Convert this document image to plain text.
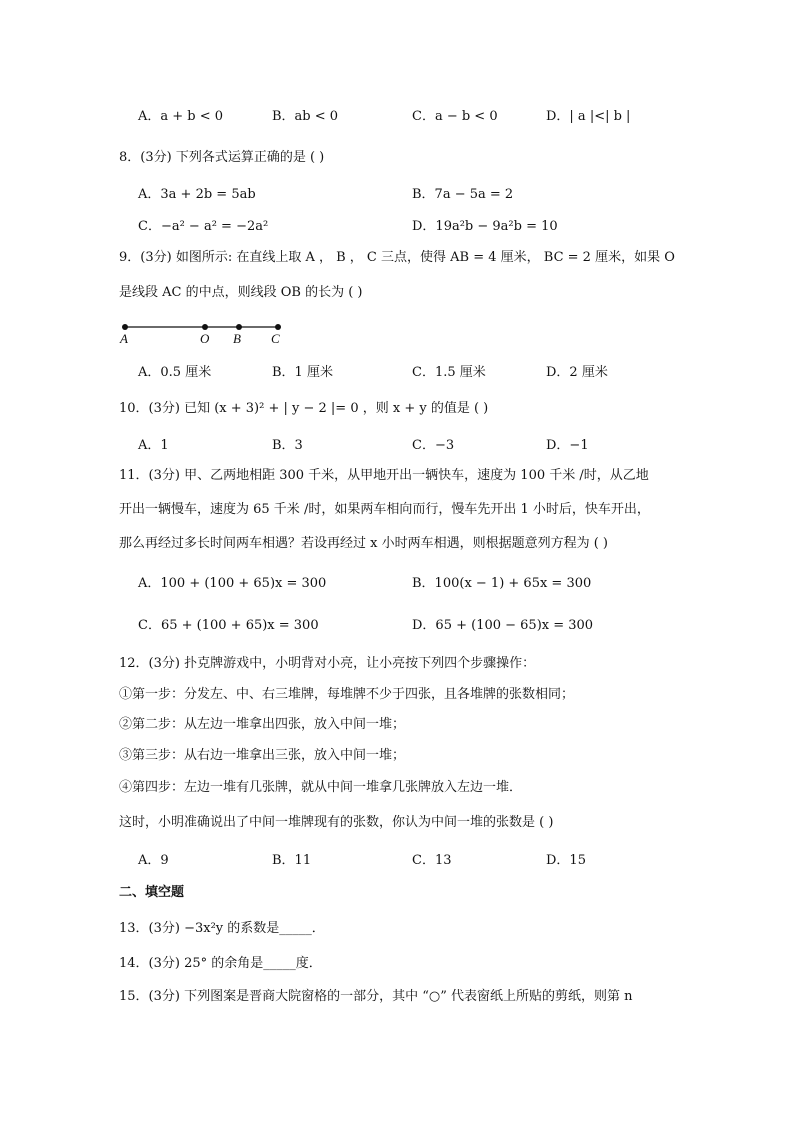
A．a + b < 0	B．ab < 0	C．a − b < 0	D．| a |<| b |
8．(3分) 下列各式运算正确的是 ( )
A．3a + 2b = 5ab	B．7a − 5a = 2
C．−a² − a² = −2a²	D．19a²b − 9a²b = 10
9．(3分) 如图所示: 在直线上取 A ， B ， C 三点，使得 AB = 4 厘米， BC = 2 厘米，如果 O
是线段 AC 的中点，则线段 OB 的长为 ( )
A	O B C
A．0.5 厘米	B．1 厘米	C．1.5 厘米	D．2 厘米
10．(3分) 已知 (x + 3)² + | y − 2 |= 0 ，则 x + y 的值是 ( )
A．1	B．3	C．−3	D．−1
11．(3分) 甲、乙两地相距 300 千米，从甲地开出一辆快车，速度为 100 千米 /时，从乙地
开出一辆慢车，速度为 65 千米 /时，如果两车相向而行，慢车先开出 1 小时后，快车开出，
那么再经过多长时间两车相遇？若设再经过 x 小时两车相遇，则根据题意列方程为 ( )
A．100 + (100 + 65)x = 300	B．100(x − 1) + 65x = 300
C．65 + (100 + 65)x = 300	D．65 + (100 − 65)x = 300
12．(3分) 扑克牌游戏中，小明背对小亮，让小亮按下列四个步骤操作：
①第一步：分发左、中、右三堆牌，每堆牌不少于四张，且各堆牌的张数相同；
②第二步：从左边一堆拿出四张，放入中间一堆；
③第三步：从右边一堆拿出三张，放入中间一堆；
④第四步：左边一堆有几张牌，就从中间一堆拿几张牌放入左边一堆．
这时，小明准确说出了中间一堆牌现有的张数，你认为中间一堆的张数是 ( )
A．9	B．11	C．13	D．15
二、填空题
13．(3分) −3x²y 的系数是_____．
14．(3分) 25° 的余角是_____度．
15．(3分) 下列图案是晋商大院窗格的一部分，其中 “○” 代表窗纸上所贴的剪纸，则第 n
